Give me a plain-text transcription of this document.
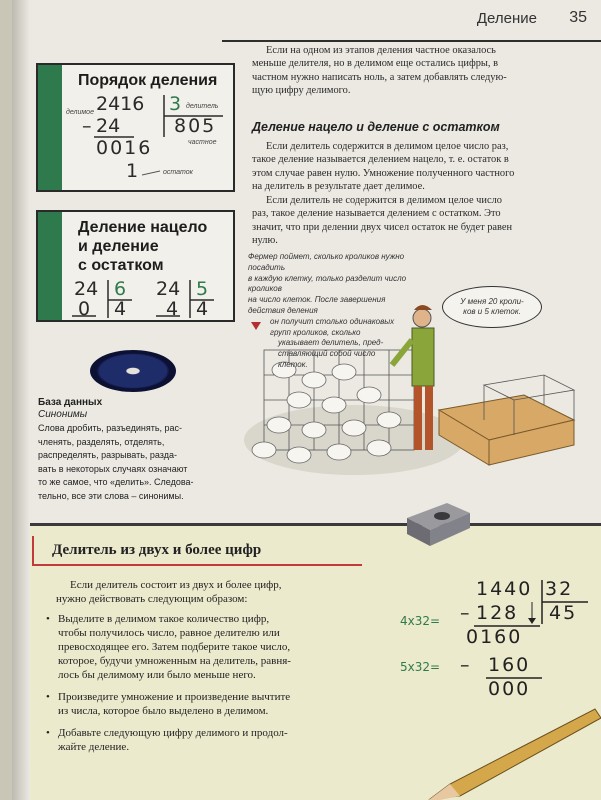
Деление 35
Порядок деления
делимое 2416 3 делитель
– 24	805
частное
0016
1	остаток
Деление нацело
и деление
с остатком
24 6
0 4
24 5
4 4
База данных
Синонимы
Слова дробить, разъединять, рас-
членять, разделять, отделять,
распределять, разрывать, разда-
вать в некоторых случаях означают
то же самое, что «делить». Следова-
тельно, все эти слова – синонимы.
Если на одном из этапов деления частное оказалось
меньше делителя, но в делимом еще остались цифры, в
частном нужно написать ноль, а затем добавлять следую-
щую цифру делимого.
Деление нацело и деление с остатком
Если делитель содержится в делимом целое число раз,
такое деление называется делением нацело, т. е. остаток в
этом случае равен нулю. Умножение полученного частного
на делитель в результате дает делимое.
Если делитель не содержится в делимом целое число
раз, такое деление называется делением с остатком. Это
значит, что при делении двух чисел остаток не будет равен
нулю.
Фермер поймет, сколько кроликов нужно посадить
в каждую клетку, только разделит число кроликов
на число клеток. После завершения действия деления
он получит столько одинаковых
групп кроликов, сколько
указывает делитель, пред-
ставляющий собой число
клеток.
У меня 20 кроли-
ков и 5 клеток.
Делитель из двух и более цифр
Если делитель состоит из двух и более цифр,
нужно действовать следующим образом:
• Выделите в делимом такое количество цифр,
чтобы получилось число, равное делителю или
превосходящее его. Затем подберите такое число,
которое, будучи умноженным на делитель, равня-
лось бы делимому или было меньше него.
• Произведите умножение и произведение вычтите
из числа, которое было выделено в делимом.
• Добавьте следующую цифру делимого и продол-
жайте деление.
1440 32
4x32= – 128 45
0160
5x32= – 160
000
